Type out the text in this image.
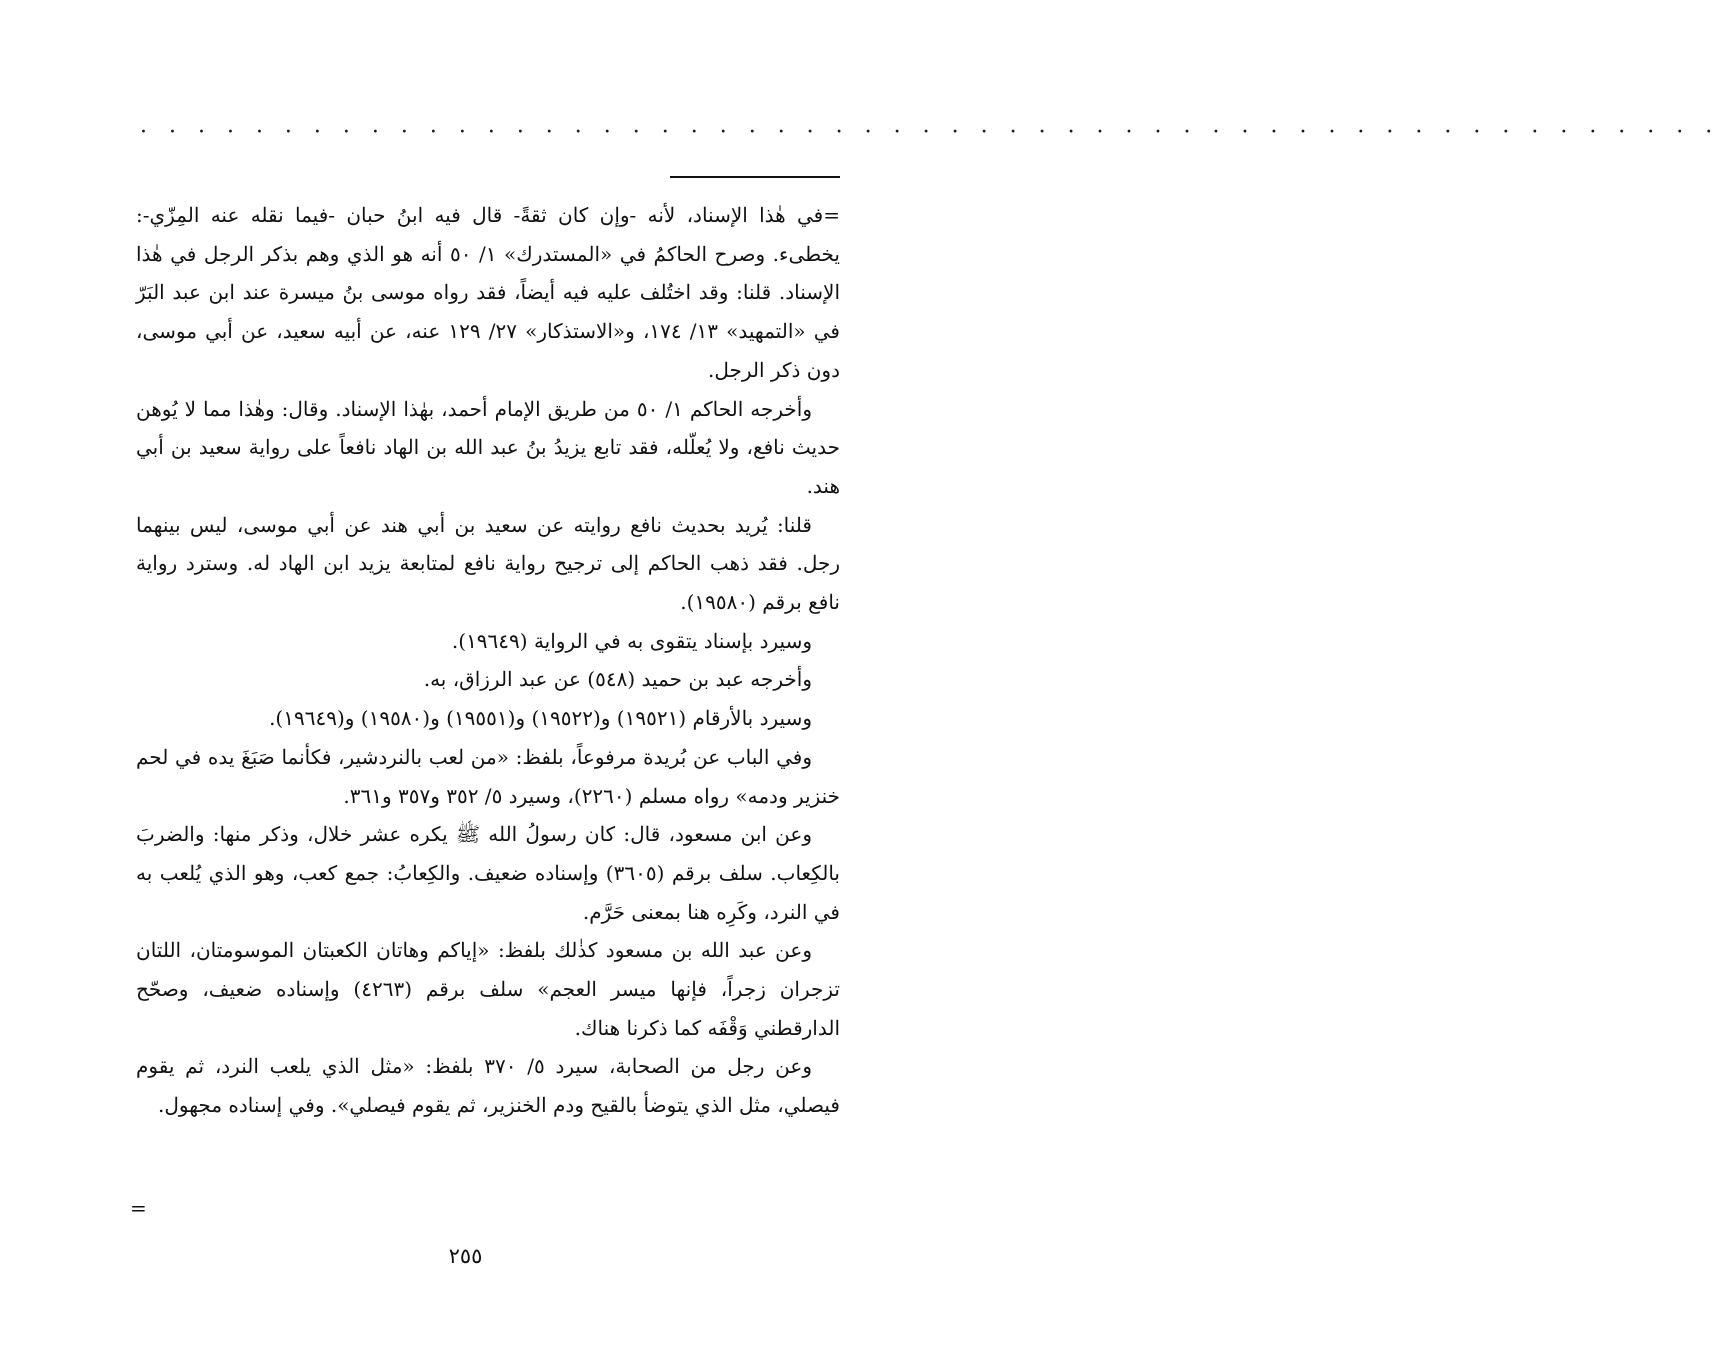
· · · · · · · · · · · · · · · · · · · · · · · · · · · · · · · · · · · · · · · · · · · · · · · · · · · · · · ·

=في هٰذا الإسناد، لأنه -وإن كان ثقةً- قال فيه ابنُ حبان -فيما نقله عنه المِزّي-: يخطىء. وصرح الحاكمُ في «المستدرك» ١/ ٥٠ أنه هو الذي وهم بذكر الرجل في هٰذا الإسناد. قلنا: وقد اختُلف عليه فيه أيضاً، فقد رواه موسى بنُ ميسرة عند ابن عبد البَرّ في «التمهيد» ١٣/ ١٧٤، و«الاستذكار» ٢٧/ ١٢٩ عنه، عن أبيه سعيد، عن أبي موسى، دون ذكر الرجل.

وأخرجه الحاكم ١/ ٥٠ من طريق الإمام أحمد، بهٰذا الإسناد. وقال: وهٰذا مما لا يُوهن حديث نافع، ولا يُعلّله، فقد تابع يزيدُ بنُ عبد الله بن الهاد نافعاً على رواية سعيد بن أبي هند.

قلنا: يُريد بحديث نافع روايته عن سعيد بن أبي هند عن أبي موسى، ليس بينهما رجل. فقد ذهب الحاكم إلى ترجيح رواية نافع لمتابعة يزيد ابن الهاد له. وسترد رواية نافع برقم (١٩٥٨٠).

وسيرد بإسناد يتقوى به في الرواية (١٩٦٤٩).

وأخرجه عبد بن حميد (٥٤٨) عن عبد الرزاق، به.

وسيرد بالأرقام (١٩٥٢١) و(١٩٥٢٢) و(١٩٥٥١) و(١٩٥٨٠) و(١٩٦٤٩).

وفي الباب عن بُريدة مرفوعاً، بلفظ: «من لعب بالنردشير، فكأنما صَبَغَ يده في لحم خنزير ودمه» رواه مسلم (٢٢٦٠)، وسيرد ٥/ ٣٥٢ و٣٥٧ و٣٦١.

وعن ابن مسعود، قال: كان رسولُ الله ﷺ يكره عشر خلال، وذكر منها: والضربَ بالكِعاب. سلف برقم (٣٦٠٥) وإسناده ضعيف. والكِعابُ: جمع كعب، وهو الذي يُلعب به في النرد، وكَرِه هنا بمعنى حَرَّم.

وعن عبد الله بن مسعود كذٰلك بلفظ: «إياكم وهاتان الكعبتان الموسومتان، اللتان تزجران زجراً، فإنها ميسر العجم» سلف برقم (٤٢٦٣) وإسناده ضعيف، وصحّح الدارقطني وَقْفَه كما ذكرنا هناك.

وعن رجل من الصحابة، سيرد ٥/ ٣٧٠ بلفظ: «مثل الذي يلعب النرد، ثم يقوم فيصلي، مثل الذي يتوضأ بالقيح ودم الخنزير، ثم يقوم فيصلي». وفي إسناده مجهول.

=
٢٥٥
